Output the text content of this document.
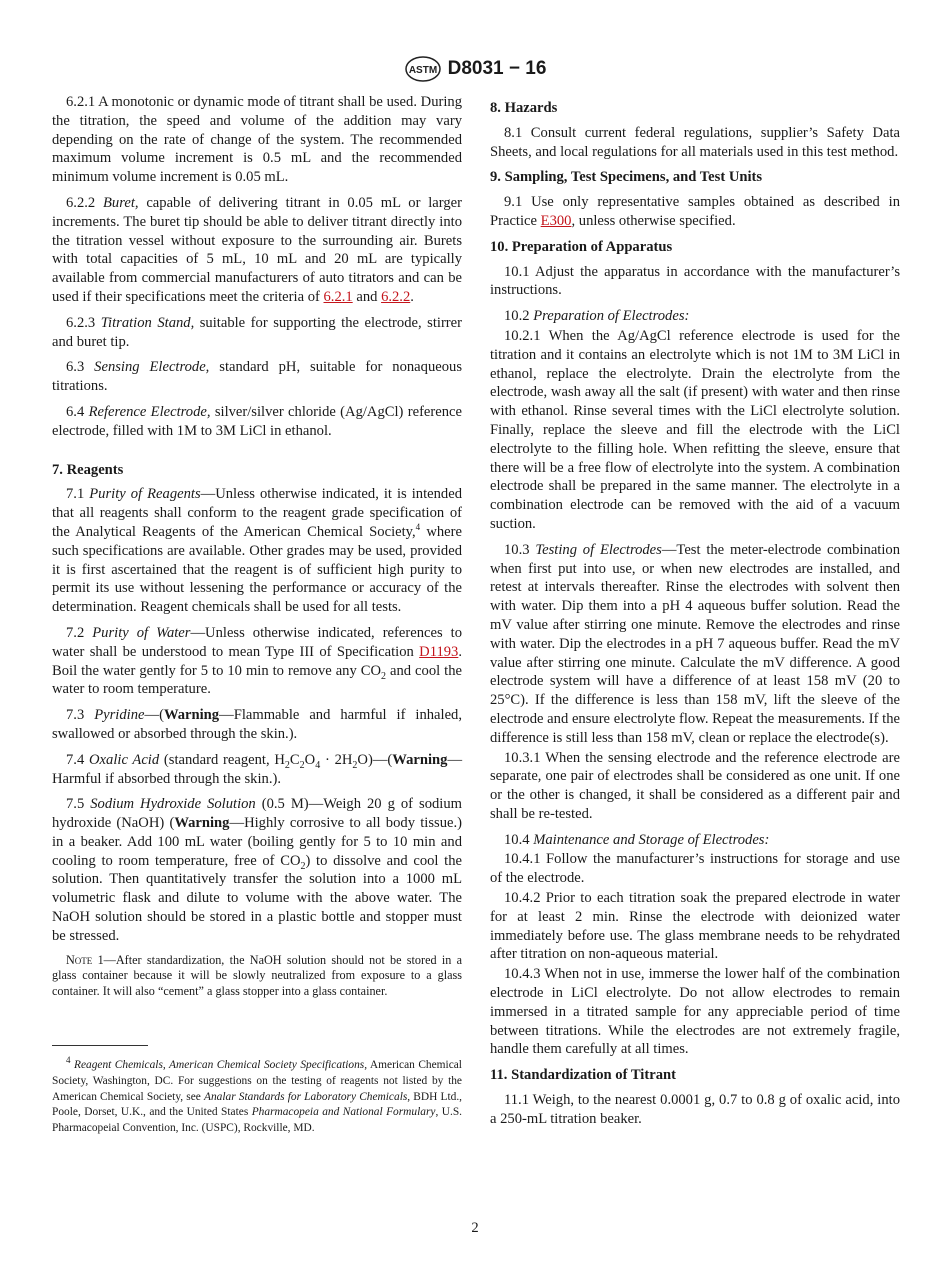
ASTM D8031 − 16
6.2.1 A monotonic or dynamic mode of titrant shall be used. During the titration, the speed and volume of the addition may vary depending on the rate of change of the system. The recommended maximum volume increment is 0.5 mL and the recommended minimum volume increment is 0.05 mL.
6.2.2 Buret, capable of delivering titrant in 0.05 mL or larger increments. The buret tip should be able to deliver titrant directly into the titration vessel without exposure to the surrounding air. Burets with total capacities of 5 mL, 10 mL and 20 mL are typically available from commercial manufacturers of auto titrators and can be used if their specifications meet the criteria of 6.2.1 and 6.2.2.
6.2.3 Titration Stand, suitable for supporting the electrode, stirrer and buret tip.
6.3 Sensing Electrode, standard pH, suitable for nonaqueous titrations.
6.4 Reference Electrode, silver/silver chloride (Ag/AgCl) reference electrode, filled with 1M to 3M LiCl in ethanol.
7. Reagents
7.1 Purity of Reagents—Unless otherwise indicated, it is intended that all reagents shall conform to the reagent grade specification of the Analytical Reagents of the American Chemical Society,$^4$ where such specifications are available. Other grades may be used, provided it is first ascertained that the reagent is of sufficient high purity to permit its use without lessening the performance or accuracy of the determination. Reagent chemicals shall be used for all tests.
7.2 Purity of Water—Unless otherwise indicated, references to water shall be understood to mean Type III of Specification D1193. Boil the water gently for 5 to 10 min to remove any $CO_2$ and cool the water to room temperature.
7.3 Pyridine—(Warning—Flammable and harmful if inhaled, swallowed or absorbed through the skin.).
7.4 Oxalic Acid (standard reagent, $H_2C_2O_4$ · $2H_2O)—(Warning—Harmful$ if absorbed through the skin.).
7.5 Sodium Hydroxide Solution (0.5 M)—Weigh 20 g of sodium hydroxide (NaOH) (Warning—Highly corrosive to all body tissue.) in a beaker. Add 100 mL water (boiling gently for 5 to 10 min and cooling to room temperature, free of $CO_2$) to dissolve and cool the solution. Then quantitatively transfer the solution into a 1000 mL volumetric flask and dilute to volume with the above water. The NaOH solution should be stored in a plastic bottle and stopper must be stressed.
Note 1—After standardization, the NaOH solution should not be stored in a glass container because it will be slowly neutralized from exposure to a glass container. It will also “cement” a glass stopper into a glass container.
$^4$ Reagent Chemicals, American Chemical Society Specifications, American Chemical Society, Washington, DC. For suggestions on the testing of reagents not listed by the American Chemical Society, see Analar Standards for Laboratory Chemicals, BDH Ltd., Poole, Dorset, U.K., and the United States Pharmacopeia and National Formulary, U.S. Pharmacopeial Convention, Inc. (USPC), Rockville, MD.
8. Hazards
8.1 Consult current federal regulations, supplier’s Safety Data Sheets, and local regulations for all materials used in this test method.
9. Sampling, Test Specimens, and Test Units
9.1 Use only representative samples obtained as described in Practice E300, unless otherwise specified.
10. Preparation of Apparatus
10.1 Adjust the apparatus in accordance with the manufacturer’s instructions.
10.2 Preparation of Electrodes:
10.2.1 When the Ag/AgCl reference electrode is used for the titration and it contains an electrolyte which is not 1M to 3M LiCl in ethanol, replace the electrolyte. Drain the electrolyte from the electrode, wash away all the salt (if present) with water and then rinse with ethanol. Rinse several times with the LiCl electrolyte solution. Finally, replace the sleeve and fill the electrode with the LiCl electrolyte to the filling hole. When refitting the sleeve, ensure that there will be a free flow of electrolyte into the system. A combination electrode shall be prepared in the same manner. The electrolyte in a combination electrode can be removed with the aid of a vacuum suction.
10.3 Testing of Electrodes—Test the meter-electrode combination when first put into use, or when new electrodes are installed, and retest at intervals thereafter. Rinse the electrodes with solvent then with water. Dip them into a pH 4 aqueous buffer solution. Read the mV value after stirring one minute. Remove the electrodes and rinse with water. Dip the electrodes in a pH 7 aqueous buffer. Read the mV value after stirring one minute. Calculate the mV difference. A good electrode system will have a difference of at least 158 mV (20 to 25°C). If the difference is less than 158 mV, lift the sleeve of the electrode and ensure electrolyte flow. Repeat the measurements. If the difference is still less than 158 mV, clean or replace the electrode(s).
10.3.1 When the sensing electrode and the reference electrode are separate, one pair of electrodes shall be considered as one unit. If one or the other is changed, it shall be considered as a different pair and shall be re-tested.
10.4 Maintenance and Storage of Electrodes:
10.4.1 Follow the manufacturer’s instructions for storage and use of the electrode.
10.4.2 Prior to each titration soak the prepared electrode in water for at least 2 min. Rinse the electrode with deionized water immediately before use. The glass membrane needs to be rehydrated after titration on non-aqueous material.
10.4.3 When not in use, immerse the lower half of the combination electrode in LiCl electrolyte. Do not allow electrodes to remain immersed in a titrated sample for any appreciable period of time between titrations. While the electrodes are not extremely fragile, handle them carefully at all times.
11. Standardization of Titrant
11.1 Weigh, to the nearest 0.0001 g, 0.7 to 0.8 g of oxalic acid, into a 250-mL titration beaker.
2
